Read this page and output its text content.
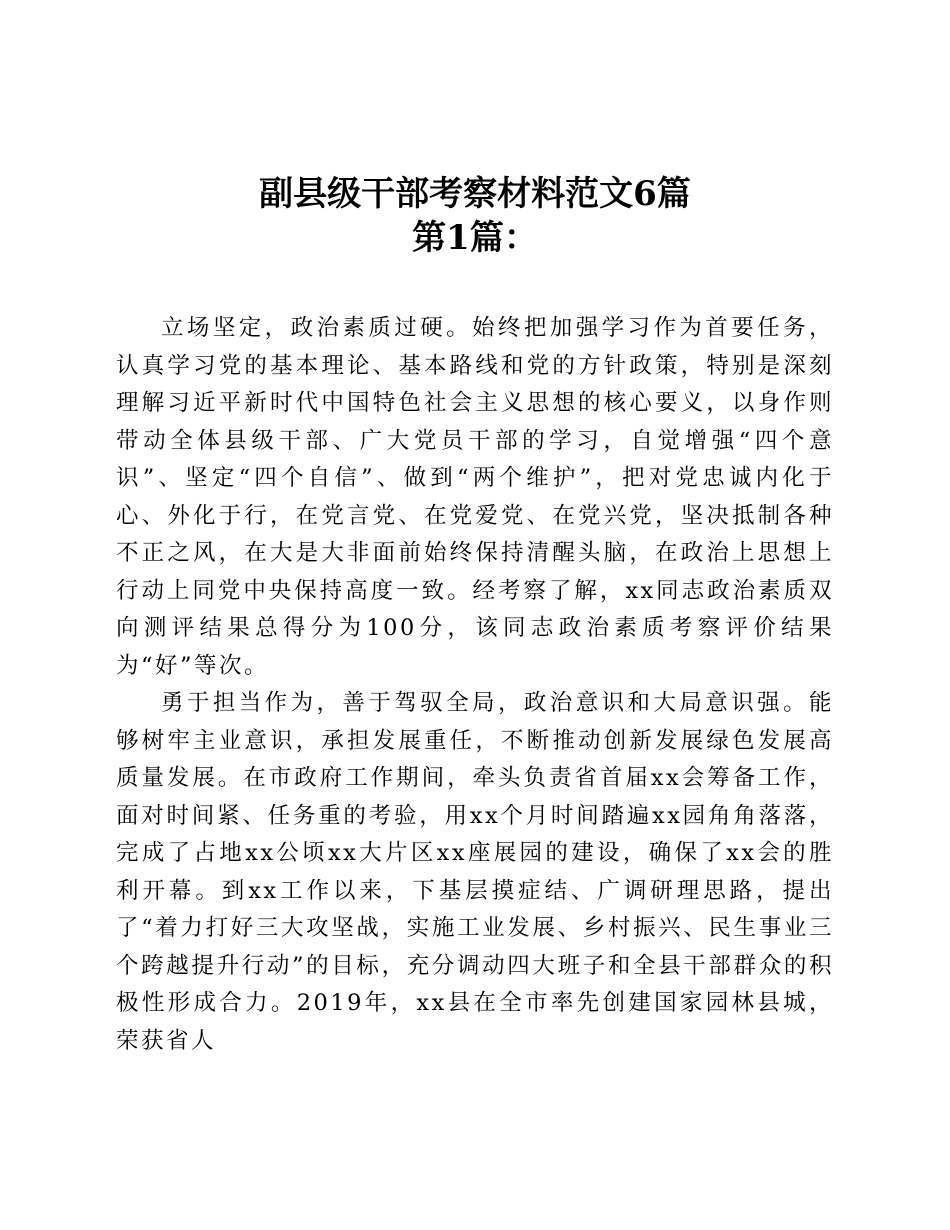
副县级干部考察材料范文6篇
第1篇：

立场坚定，政治素质过硬。始终把加强学习作为首要任务，认真学习党的基本理论、基本路线和党的方针政策，特别是深刻理解习近平新时代中国特色社会主义思想的核心要义，以身作则带动全体县级干部、广大党员干部的学习，自觉增强“四个意识”、坚定“四个自信”、做到“两个维护”，把对党忠诚内化于心、外化于行，在党言党、在党爱党、在党兴党，坚决抵制各种不正之风，在大是大非面前始终保持清醒头脑，在政治上思想上行动上同党中央保持高度一致。经考察了解，xx同志政治素质双向测评结果总得分为100分，该同志政治素质考察评价结果为“好”等次。

勇于担当作为，善于驾驭全局，政治意识和大局意识强。能够树牢主业意识，承担发展重任，不断推动创新发展绿色发展高质量发展。在市政府工作期间，牵头负责省首届xx会筹备工作，面对时间紧、任务重的考验，用xx个月时间踏遍xx园角角落落，完成了占地xx公顷xx大片区xx座展园的建设，确保了xx会的胜利开幕。到xx工作以来，下基层摸症结、广调研理思路，提出了“着力打好三大攻坚战，实施工业发展、乡村振兴、民生事业三个跨越提升行动”的目标，充分调动四大班子和全县干部群众的积极性形成合力。2019年，xx县在全市率先创建国家园林县城，荣获省人
